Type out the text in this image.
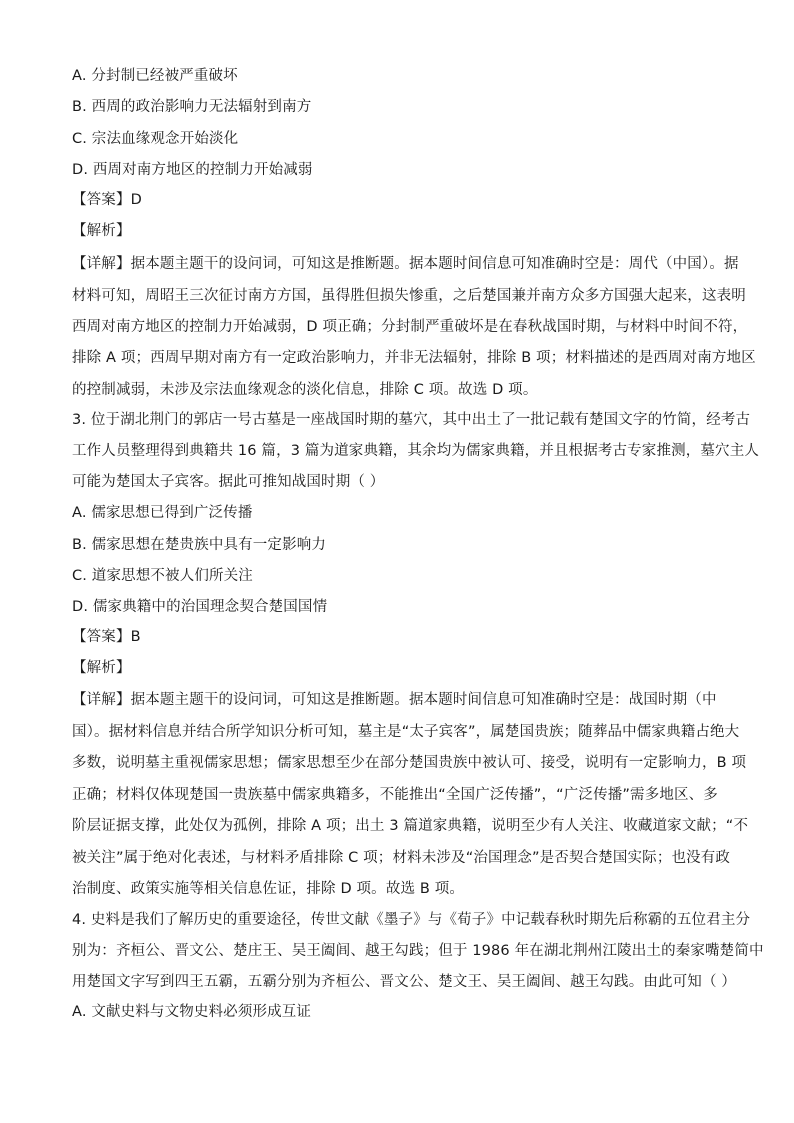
A. 分封制已经被严重破坏
B. 西周的政治影响力无法辐射到南方
C. 宗法血缘观念开始淡化
D. 西周对南方地区的控制力开始减弱
【答案】D
【解析】
【详解】据本题主题干的设问词，可知这是推断题。据本题时间信息可知准确时空是：周代（中国）。据
材料可知，周昭王三次征讨南方方国，虽得胜但损失惨重，之后楚国兼并南方众多方国强大起来，这表明
西周对南方地区的控制力开始减弱，D 项正确；分封制严重破坏是在春秋战国时期，与材料中时间不符，
排除 A 项；西周早期对南方有一定政治影响力，并非无法辐射，排除 B 项；材料描述的是西周对南方地区
的控制减弱，未涉及宗法血缘观念的淡化信息，排除 C 项。故选 D 项。
3. 位于湖北荆门的郭店一号古墓是一座战国时期的墓穴，其中出土了一批记载有楚国文字的竹简，经考古
工作人员整理得到典籍共 16 篇，3 篇为道家典籍，其余均为儒家典籍，并且根据考古专家推测，墓穴主人
可能为楚国太子宾客。据此可推知战国时期（ ）
A. 儒家思想已得到广泛传播
B. 儒家思想在楚贵族中具有一定影响力
C. 道家思想不被人们所关注
D. 儒家典籍中的治国理念契合楚国国情
【答案】B
【解析】
【详解】据本题主题干的设问词，可知这是推断题。据本题时间信息可知准确时空是：战国时期（中
国）。据材料信息并结合所学知识分析可知，墓主是“太子宾客”，属楚国贵族；随葬品中儒家典籍占绝大
多数，说明墓主重视儒家思想；儒家思想至少在部分楚国贵族中被认可、接受，说明有一定影响力，B 项
正确；材料仅体现楚国一贵族墓中儒家典籍多，不能推出“全国广泛传播”，“广泛传播”需多地区、多
阶层证据支撑，此处仅为孤例，排除 A 项；出土 3 篇道家典籍，说明至少有人关注、收藏道家文献；“不
被关注”属于绝对化表述，与材料矛盾排除 C 项；材料未涉及“治国理念”是否契合楚国实际；也没有政
治制度、政策实施等相关信息佐证，排除 D 项。故选 B 项。
4. 史料是我们了解历史的重要途径，传世文献《墨子》与《荀子》中记载春秋时期先后称霸的五位君主分
别为：齐桓公、晋文公、楚庄王、吴王阖闾、越王勾践；但于 1986 年在湖北荆州江陵出土的秦家嘴楚简中
用楚国文字写到四王五霸，五霸分别为齐桓公、晋文公、楚文王、吴王阖闾、越王勾践。由此可知（ ）
A. 文献史料与文物史料必须形成互证
